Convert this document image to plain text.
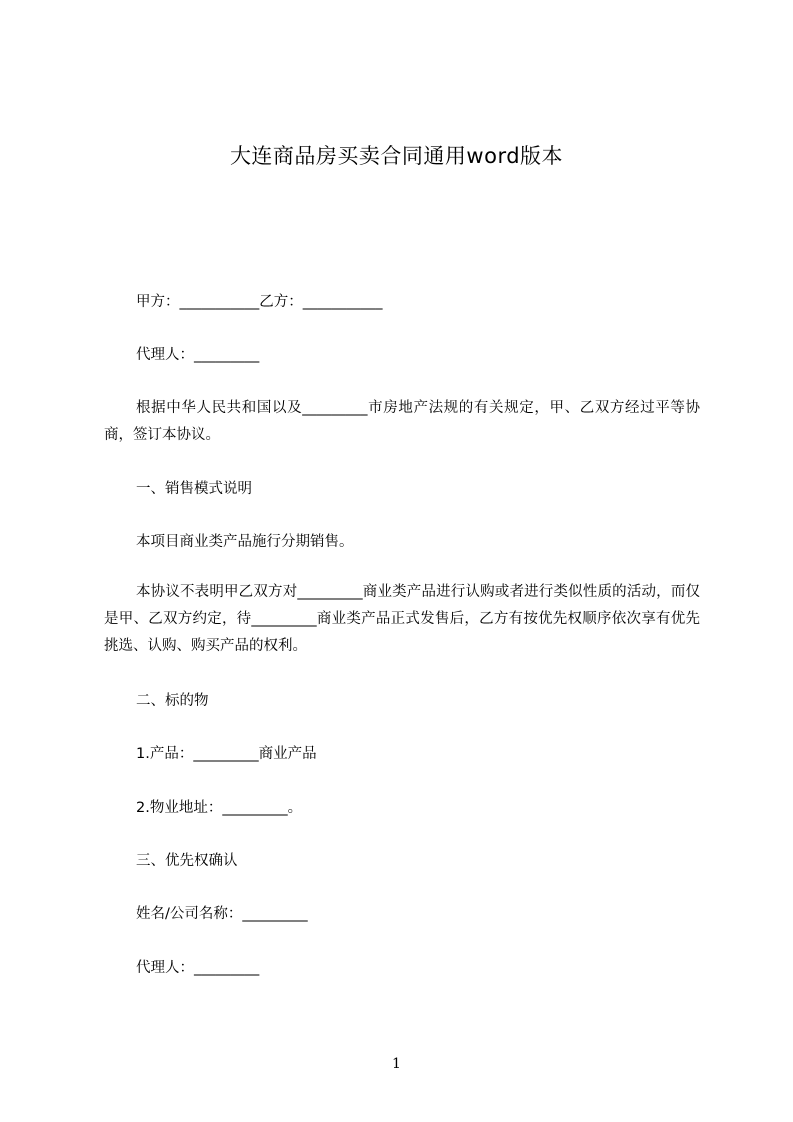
大连商品房买卖合同通用word版本
甲方：___________乙方：___________
代理人：_________
根据中华人民共和国以及_________市房地产法规的有关规定，甲、乙双方经过平等协商，签订本协议。
一、销售模式说明
本项目商业类产品施行分期销售。
本协议不表明甲乙双方对_________商业类产品进行认购或者进行类似性质的活动，而仅是甲、乙双方约定，待_________商业类产品正式发售后，乙方有按优先权顺序依次享有优先挑选、认购、购买产品的权利。
二、标的物
1.产品：_________商业产品
2.物业地址：_________。
三、优先权确认
姓名/公司名称：_________
代理人：_________
1
